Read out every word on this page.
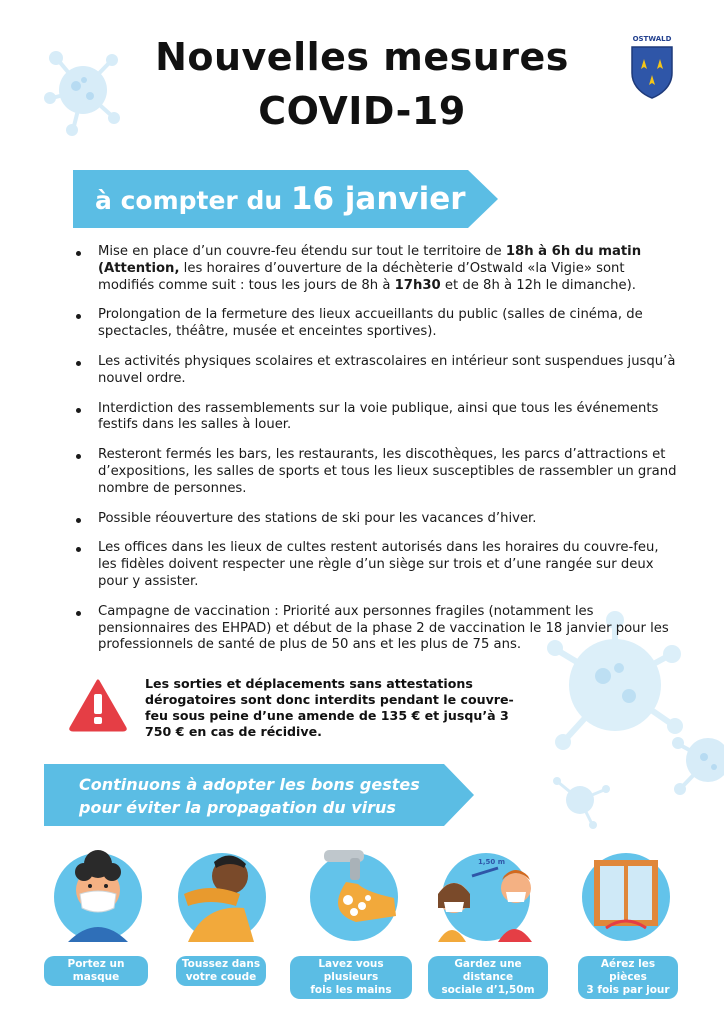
Nouvelles mesures
COVID-19
OSTWALD
à compter du 16 janvier
Mise en place d’un couvre-feu étendu sur tout le territoire de 18h à 6h du matin (Attention, les horaires d’ouverture de la déchèterie d’Ostwald «la Vigie» sont modifiés comme suit : tous les jours de 8h à 17h30 et de 8h à 12h le dimanche).
Prolongation de la fermeture des lieux accueillants du public (salles de cinéma, de spectacles, théâtre, musée et enceintes sportives).
Les activités physiques scolaires et extrascolaires en intérieur sont suspendues jusqu’à nouvel ordre.
Interdiction des rassemblements sur la voie publique, ainsi que tous les événements festifs dans les salles à louer.
Resteront fermés les bars, les restaurants, les discothèques, les parcs d’attractions et d’expositions, les salles de sports et tous les lieux susceptibles de rassembler un grand nombre de personnes.
Possible réouverture des stations de ski pour les vacances d’hiver.
Les offices dans les lieux de cultes restent autorisés dans les horaires du couvre-feu, les fidèles doivent respecter une règle d’un siège sur trois et d’une rangée sur deux pour y assister.
Campagne de vaccination : Priorité aux personnes fragiles (notamment les pensionnaires des EHPAD) et début de la phase 2 de vaccination le 18 janvier pour les professionnels de santé de plus de 50 ans et les plus de 75 ans.
Les sorties et déplacements sans attestations dérogatoires sont donc interdits pendant le couvre-feu sous peine d’une amende de 135 € et jusqu’à 3 750 € en cas de récidive.
Continuons à adopter les bons gestes
pour éviter la propagation du virus
Portez un masque
Toussez dans
votre coude
Lavez vous plusieurs
fois les mains
1,50 m
Gardez une distance
sociale d’1,50m
Aérez les pièces
3 fois par jour
